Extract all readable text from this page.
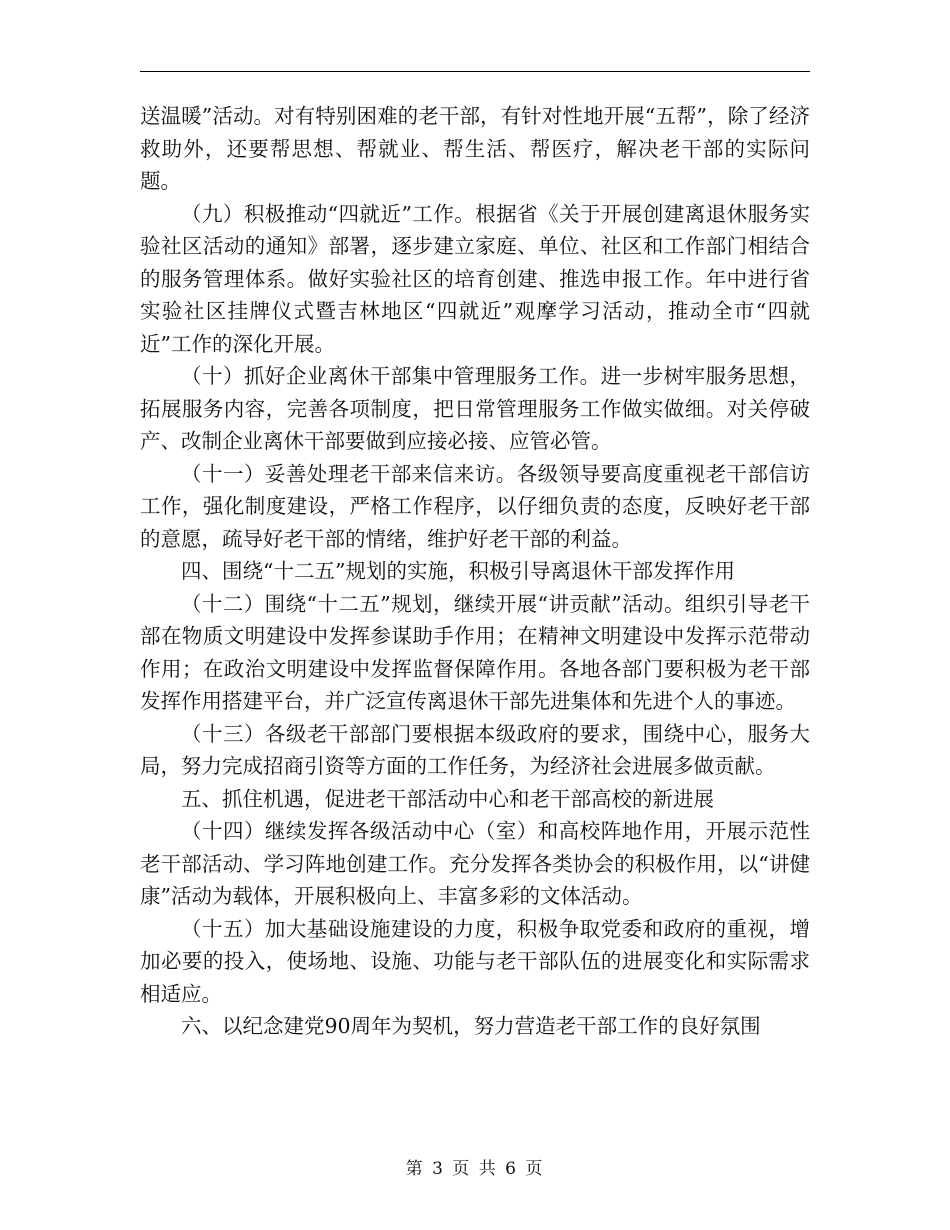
送温暖”活动。对有特别困难的老干部，有针对性地开展“五帮”，除了经济救助外，还要帮思想、帮就业、帮生活、帮医疗，解决老干部的实际问题。

（九）积极推动“四就近”工作。根据省《关于开展创建离退休服务实验社区活动的通知》部署，逐步建立家庭、单位、社区和工作部门相结合的服务管理体系。做好实验社区的培育创建、推选申报工作。年中进行省实验社区挂牌仪式暨吉林地区“四就近”观摩学习活动，推动全市“四就近”工作的深化开展。

（十）抓好企业离休干部集中管理服务工作。进一步树牢服务思想，拓展服务内容，完善各项制度，把日常管理服务工作做实做细。对关停破产、改制企业离休干部要做到应接必接、应管必管。

（十一）妥善处理老干部来信来访。各级领导要高度重视老干部信访工作，强化制度建设，严格工作程序，以仔细负责的态度，反映好老干部的意愿，疏导好老干部的情绪，维护好老干部的利益。

四、围绕“十二五”规划的实施，积极引导离退休干部发挥作用

（十二）围绕“十二五”规划，继续开展“讲贡献”活动。组织引导老干部在物质文明建设中发挥参谋助手作用；在精神文明建设中发挥示范带动作用；在政治文明建设中发挥监督保障作用。各地各部门要积极为老干部发挥作用搭建平台，并广泛宣传离退休干部先进集体和先进个人的事迹。

（十三）各级老干部部门要根据本级政府的要求，围绕中心，服务大局，努力完成招商引资等方面的工作任务，为经济社会进展多做贡献。

五、抓住机遇，促进老干部活动中心和老干部高校的新进展

（十四）继续发挥各级活动中心（室）和高校阵地作用，开展示范性老干部活动、学习阵地创建工作。充分发挥各类协会的积极作用，以“讲健康”活动为载体，开展积极向上、丰富多彩的文体活动。

（十五）加大基础设施建设的力度，积极争取党委和政府的重视，增加必要的投入，使场地、设施、功能与老干部队伍的进展变化和实际需求相适应。

六、以纪念建党90周年为契机，努力营造老干部工作的良好氛围

第 3 页 共 6 页
